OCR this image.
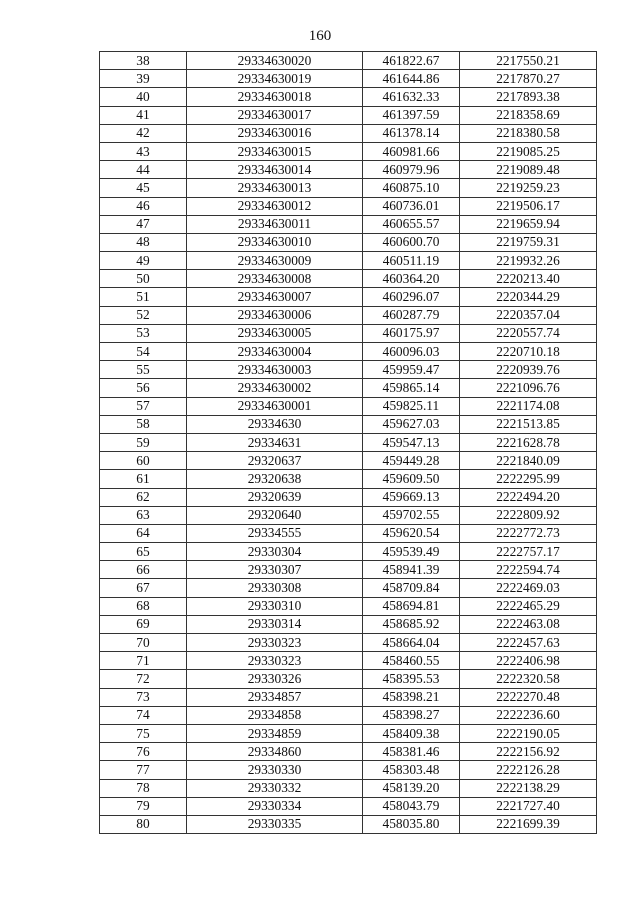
160
38	29334630020	461822.67	2217550.21
39	29334630019	461644.86	2217870.27
40	29334630018	461632.33	2217893.38
41	29334630017	461397.59	2218358.69
42	29334630016	461378.14	2218380.58
43	29334630015	460981.66	2219085.25
44	29334630014	460979.96	2219089.48
45	29334630013	460875.10	2219259.23
46	29334630012	460736.01	2219506.17
47	29334630011	460655.57	2219659.94
48	29334630010	460600.70	2219759.31
49	29334630009	460511.19	2219932.26
50	29334630008	460364.20	2220213.40
51	29334630007	460296.07	2220344.29
52	29334630006	460287.79	2220357.04
53	29334630005	460175.97	2220557.74
54	29334630004	460096.03	2220710.18
55	29334630003	459959.47	2220939.76
56	29334630002	459865.14	2221096.76
57	29334630001	459825.11	2221174.08
58	29334630	459627.03	2221513.85
59	29334631	459547.13	2221628.78
60	29320637	459449.28	2221840.09
61	29320638	459609.50	2222295.99
62	29320639	459669.13	2222494.20
63	29320640	459702.55	2222809.92
64	29334555	459620.54	2222772.73
65	29330304	459539.49	2222757.17
66	29330307	458941.39	2222594.74
67	29330308	458709.84	2222469.03
68	29330310	458694.81	2222465.29
69	29330314	458685.92	2222463.08
70	29330323	458664.04	2222457.63
71	29330323	458460.55	2222406.98
72	29330326	458395.53	2222320.58
73	29334857	458398.21	2222270.48
74	29334858	458398.27	2222236.60
75	29334859	458409.38	2222190.05
76	29334860	458381.46	2222156.92
77	29330330	458303.48	2222126.28
78	29330332	458139.20	2222138.29
79	29330334	458043.79	2221727.40
80	29330335	458035.80	2221699.39
